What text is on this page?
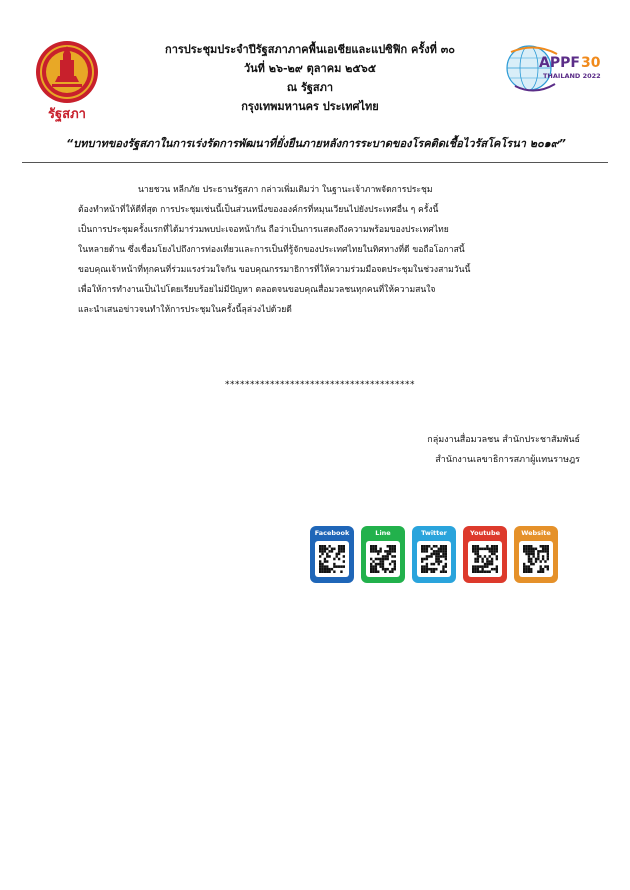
รัฐสภา
APPF 30
THAILAND 2022
การประชุมประจำปีรัฐสภาภาคพื้นเอเชียและแปซิฟิก ครั้งที่ ๓๐
วันที่ ๒๖-๒๙ ตุลาคม ๒๕๖๕
ณ รัฐสภา
กรุงเทพมหานคร ประเทศไทย
“บทบาทของรัฐสภาในการเร่งรัดการพัฒนาที่ยั่งยืนภายหลังการระบาดของโรคติดเชื้อไวรัสโคโรนา ๒๐๑๙”
นายชวน หลีกภัย ประธานรัฐสภา กล่าวเพิ่มเติมว่า ในฐานะเจ้าภาพจัดการประชุม
ต้องทำหน้าที่ให้ดีที่สุด การประชุมเช่นนี้เป็นส่วนหนึ่งขององค์กรที่หมุนเวียนไปยังประเทศอื่น ๆ ครั้งนี้
เป็นการประชุมครั้งแรกที่ได้มาร่วมพบปะเจอหน้ากัน ถือว่าเป็นการแสดงถึงความพร้อมของประเทศไทย
ในหลายด้าน ซึ่งเชื่อมโยงไปถึงการท่องเที่ยวและการเป็นที่รู้จักของประเทศไทยในทิศทางที่ดี ขอถือโอกาสนี้
ขอบคุณเจ้าหน้าที่ทุกคนที่ร่วมแรงร่วมใจกัน ขอบคุณกรรมาธิการที่ให้ความร่วมมือจดประชุมในช่วงสามวันนี้
เพื่อให้การทำงานเป็นไปโดยเรียบร้อยไม่มีปัญหา ตลอดจนขอบคุณสื่อมวลชนทุกคนที่ให้ความสนใจ
และนำเสนอข่าวจนทำให้การประชุมในครั้งนี้ลุล่วงไปด้วยดี
**************************************
กลุ่มงานสื่อมวลชน สำนักประชาสัมพันธ์
สำนักงานเลขาธิการสภาผู้แทนราษฎร
Facebook	Line	Twitter	Youtube	Website
